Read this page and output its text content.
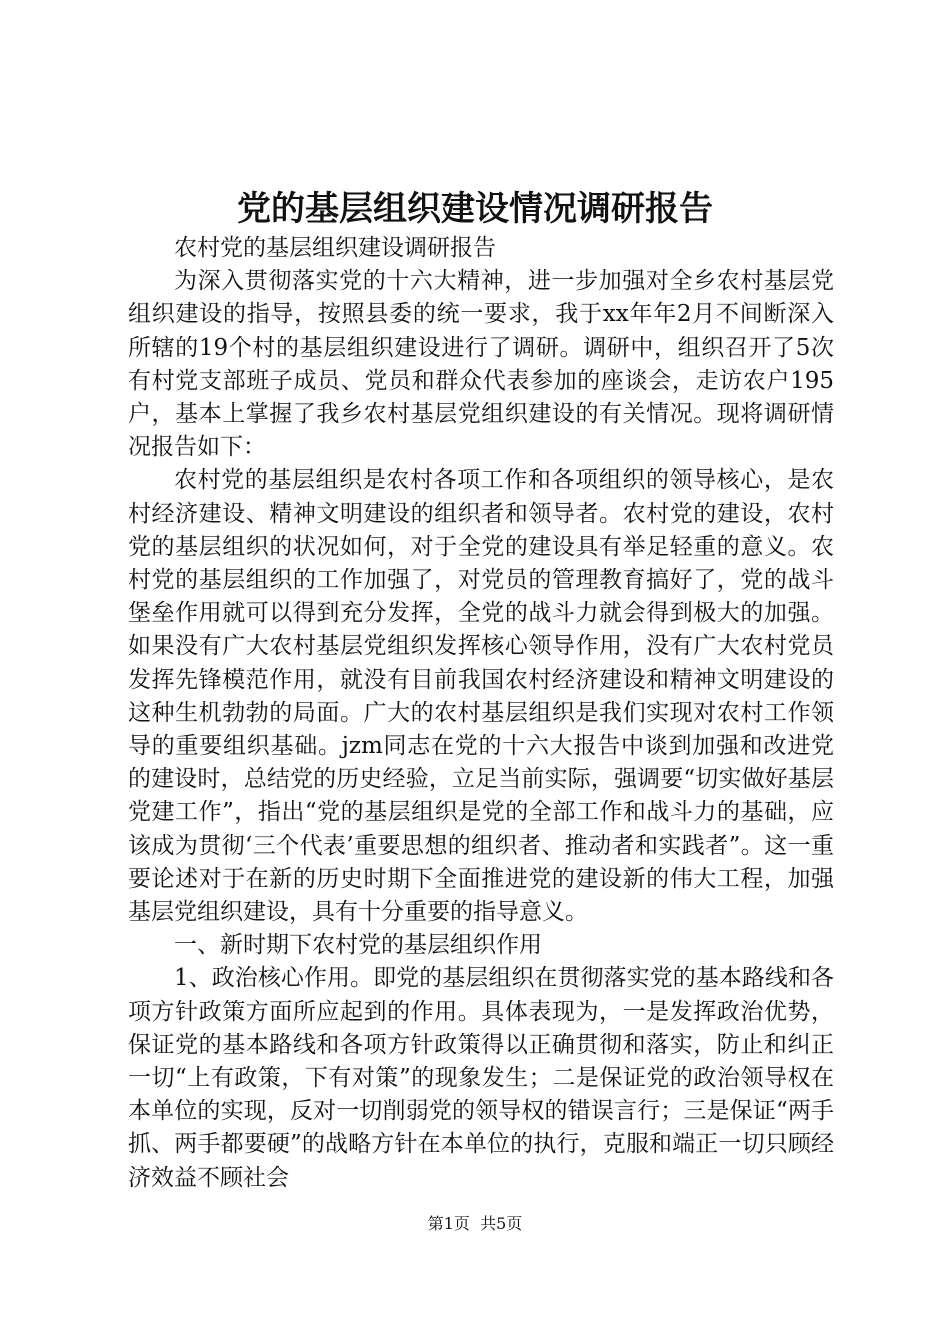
党的基层组织建设情况调研报告

农村党的基层组织建设调研报告

为深入贯彻落实党的十六大精神，进一步加强对全乡农村基层党组织建设的指导，按照县委的统一要求，我于xx年年2月不间断深入所辖的19个村的基层组织建设进行了调研。调研中，组织召开了5次有村党支部班子成员、党员和群众代表参加的座谈会，走访农户195户，基本上掌握了我乡农村基层党组织建设的有关情况。现将调研情况报告如下：

农村党的基层组织是农村各项工作和各项组织的领导核心，是农村经济建设、精神文明建设的组织者和领导者。农村党的建设，农村党的基层组织的状况如何，对于全党的建设具有举足轻重的意义。农村党的基层组织的工作加强了，对党员的管理教育搞好了，党的战斗堡垒作用就可以得到充分发挥，全党的战斗力就会得到极大的加强。如果没有广大农村基层党组织发挥核心领导作用，没有广大农村党员发挥先锋模范作用，就没有目前我国农村经济建设和精神文明建设的这种生机勃勃的局面。广大的农村基层组织是我们实现对农村工作领导的重要组织基础。jzm同志在党的十六大报告中谈到加强和改进党的建设时，总结党的历史经验，立足当前实际，强调要“切实做好基层党建工作”，指出“党的基层组织是党的全部工作和战斗力的基础，应该成为贯彻‘三个代表’重要思想的组织者、推动者和实践者”。这一重要论述对于在新的历史时期下全面推进党的建设新的伟大工程，加强基层党组织建设，具有十分重要的指导意义。

一、新时期下农村党的基层组织作用

1、政治核心作用。即党的基层组织在贯彻落实党的基本路线和各项方针政策方面所应起到的作用。具体表现为，一是发挥政治优势，保证党的基本路线和各项方针政策得以正确贯彻和落实，防止和纠正一切“上有政策，下有对策”的现象发生；二是保证党的政治领导权在本单位的实现，反对一切削弱党的领导权的错误言行；三是保证“两手抓、两手都要硬”的战略方针在本单位的执行，克服和端正一切只顾经济效益不顾社会

第1页 共5页
